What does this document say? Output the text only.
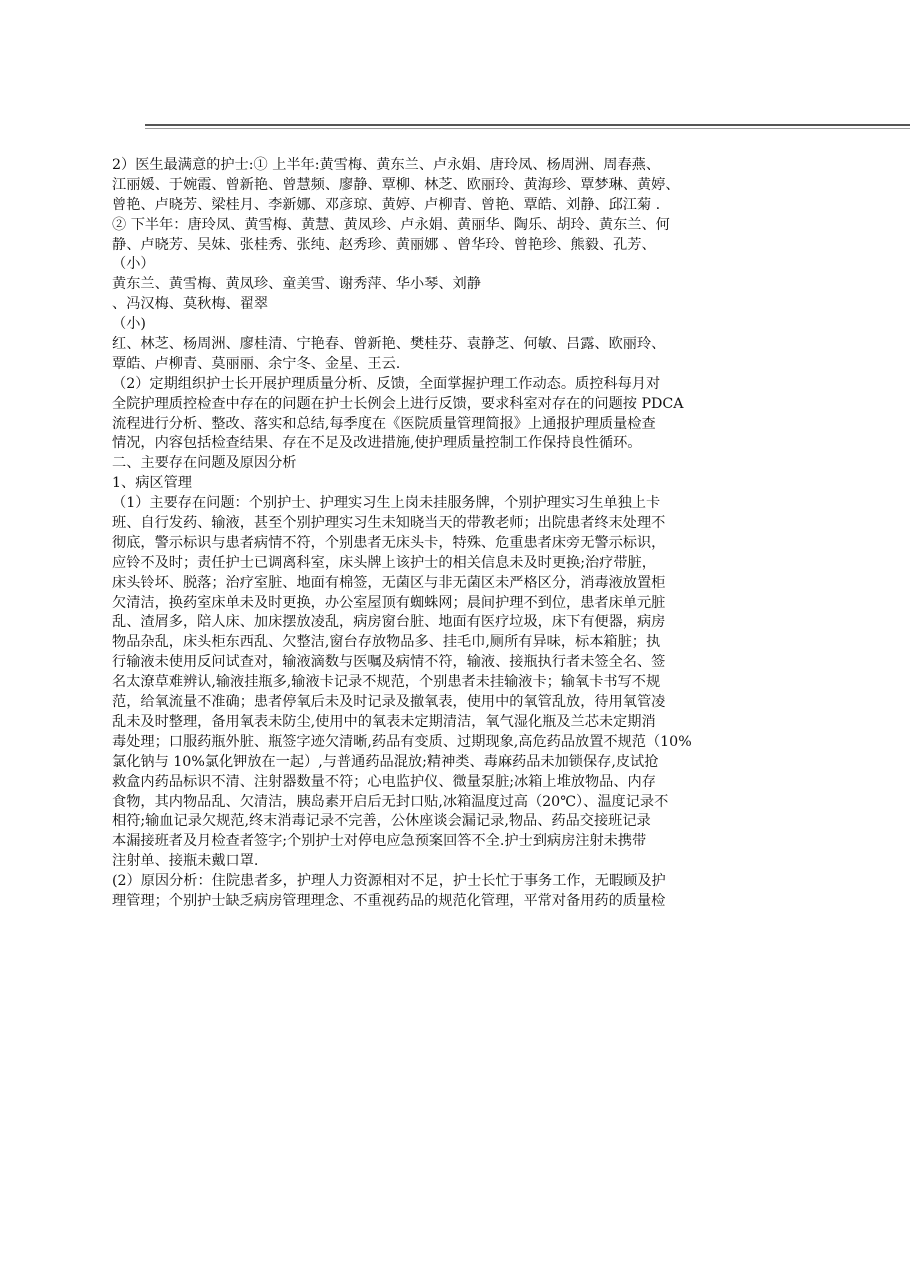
2）医生最满意的护士:① 上半年:黄雪梅、黄东兰、卢永娟、唐玲凤、杨周洲、周春燕、
江丽媛、于婉霞、曾新艳、曾慧频、廖静、覃柳、林芝、欧丽玲、黄海珍、覃梦琳、黄婷、
曾艳、卢晓芳、梁桂月、李新娜、邓彦琼、黄婷、卢柳青、曾艳、覃皓、刘静、邱江菊 .
② 下半年：唐玲凤、黄雪梅、黄慧、黄凤珍、卢永娟、黄丽华、陶乐、胡玲、黄东兰、何
静、卢晓芳、吴妹、张桂秀、张纯、赵秀珍、黄丽娜 、曾华玲、曾艳珍、熊毅、孔芳、
（小）
黄东兰、黄雪梅、黄凤珍、童美雪、谢秀萍、华小琴、刘静
、冯汉梅、莫秋梅、翟翠
（小)
红、林芝、杨周洲、廖桂清、宁艳春、曾新艳、樊桂芬、袁静芝、何敏、吕露、欧丽玲、
覃皓、卢柳青、莫丽丽、余宁冬、金星、王云.
（2）定期组织护士长开展护理质量分析、反馈，全面掌握护理工作动态。质控科每月对
全院护理质控检查中存在的问题在护士长例会上进行反馈，要求科室对存在的问题按 PDCA
流程进行分析、整改、落实和总结,每季度在《医院质量管理简报》上通报护理质量检查
情况，内容包括检查结果、存在不足及改进措施,使护理质量控制工作保持良性循环。
二、主要存在问题及原因分析
1、病区管理
（1）主要存在问题：个别护士、护理实习生上岗未挂服务牌，个别护理实习生单独上卡
班、自行发药、输液，甚至个别护理实习生未知晓当天的带教老师；出院患者终末处理不
彻底，警示标识与患者病情不符，个别患者无床头卡，特殊、危重患者床旁无警示标识，
应铃不及时；责任护士已调离科室，床头牌上该护士的相关信息未及时更换;治疗带脏，
床头铃坏、脱落；治疗室脏、地面有棉签，无菌区与非无菌区未严格区分，消毒液放置柜
欠清洁，换药室床单未及时更换，办公室屋顶有蜘蛛网；晨间护理不到位，患者床单元脏
乱、渣屑多，陪人床、加床摆放凌乱，病房窗台脏、地面有医疗垃圾，床下有便器，病房
物品杂乱，床头柜东西乱、欠整洁,窗台存放物品多、挂毛巾,厕所有异味，标本箱脏；执
行输液未使用反问试查对，输液滴数与医嘱及病情不符，输液、接瓶执行者未签全名、签
名太潦草难辨认,输液挂瓶多,输液卡记录不规范，个别患者未挂输液卡；输氧卡书写不规
范，给氧流量不准确；患者停氧后未及时记录及撤氧表，使用中的氧管乱放，待用氧管凌
乱未及时整理，备用氧表未防尘,使用中的氧表未定期清洁，氧气湿化瓶及兰芯未定期消
毒处理；口服药瓶外脏、瓶签字迹欠清晰,药品有变质、过期现象,高危药品放置不规范（10%
氯化钠与 10%氯化钾放在一起）,与普通药品混放;精神类、毒麻药品未加锁保存,皮试抢
救盒内药品标识不清、注射器数量不符；心电监护仪、微量泵脏;冰箱上堆放物品、内存
食物，其内物品乱、欠清洁，胰岛素开启后无封口贴,冰箱温度过高（20℃）、温度记录不
相符;输血记录欠规范,终末消毒记录不完善，公休座谈会漏记录,物品、药品交接班记录
本漏接班者及月检查者签字;个别护士对停电应急预案回答不全.护士到病房注射未携带
注射单、接瓶未戴口罩.
(2）原因分析：住院患者多，护理人力资源相对不足，护士长忙于事务工作，无暇顾及护
理管理；个别护士缺乏病房管理理念、不重视药品的规范化管理，平常对备用药的质量检
